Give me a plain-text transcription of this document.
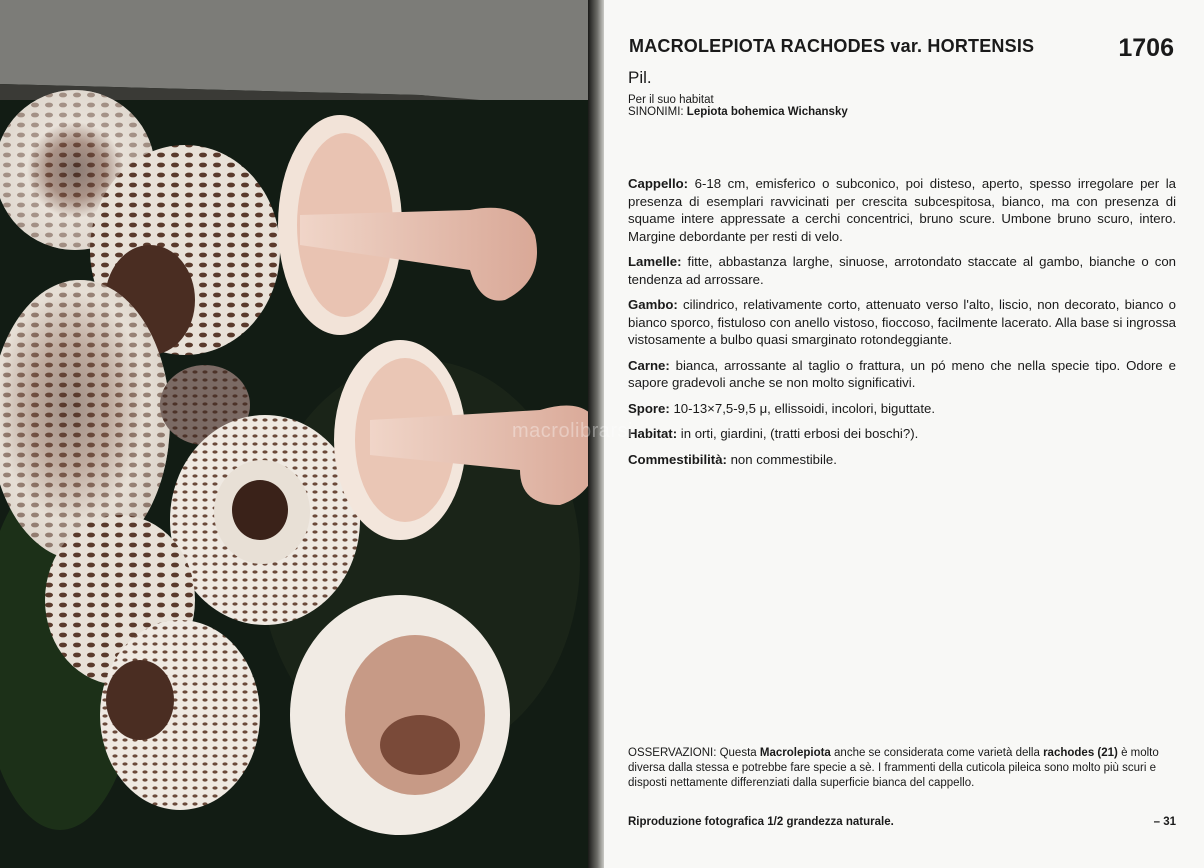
MACROLEPIOTA RACHODES var. HORTENSIS	1706
Pil.
Per il suo habitat
SINONIMI: Lepiota bohemica Wichansky

Cappello: 6-18 cm, emisferico o subconico, poi disteso, aperto, spesso irregolare per la presenza di esemplari ravvicinati per crescita subcespitosa, bianco, ma con presenza di squame intere appressate a cerchi concentrici, bruno scure. Umbone bruno scuro, intero. Margine debordante per resti di velo.

Lamelle: fitte, abbastanza larghe, sinuose, arrotondato staccate al gambo, bianche o con tendenza ad arrossare.

Gambo: cilindrico, relativamente corto, attenuato verso l'alto, liscio, non decorato, bianco o bianco sporco, fistuloso con anello vistoso, fioccoso, facilmente lacerato. Alla base si ingrossa vistosamente a bulbo quasi smarginato rotondeggiante.

Carne: bianca, arrossante al taglio o frattura, un pó meno che nella specie tipo. Odore e sapore gradevoli anche se non molto significativi.

Spore: 10-13×7,5-9,5 μ, ellissoidi, incolori, biguttate.

Habitat: in orti, giardini, (tratti erbosi dei boschi?).

Commestibilità: non commestibile.

OSSERVAZIONI: Questa Macrolepiota anche se considerata come varietà della rachodes (21) è molto diversa dalla stessa e potrebbe fare specie a sè. I frammenti della cuticola pileica sono molto più scuri e disposti nettamente differenziati dalla superficie bianca del cappello.
Riproduzione fotografica 1/2 grandezza naturale.	– 31
macrolibrarsi
